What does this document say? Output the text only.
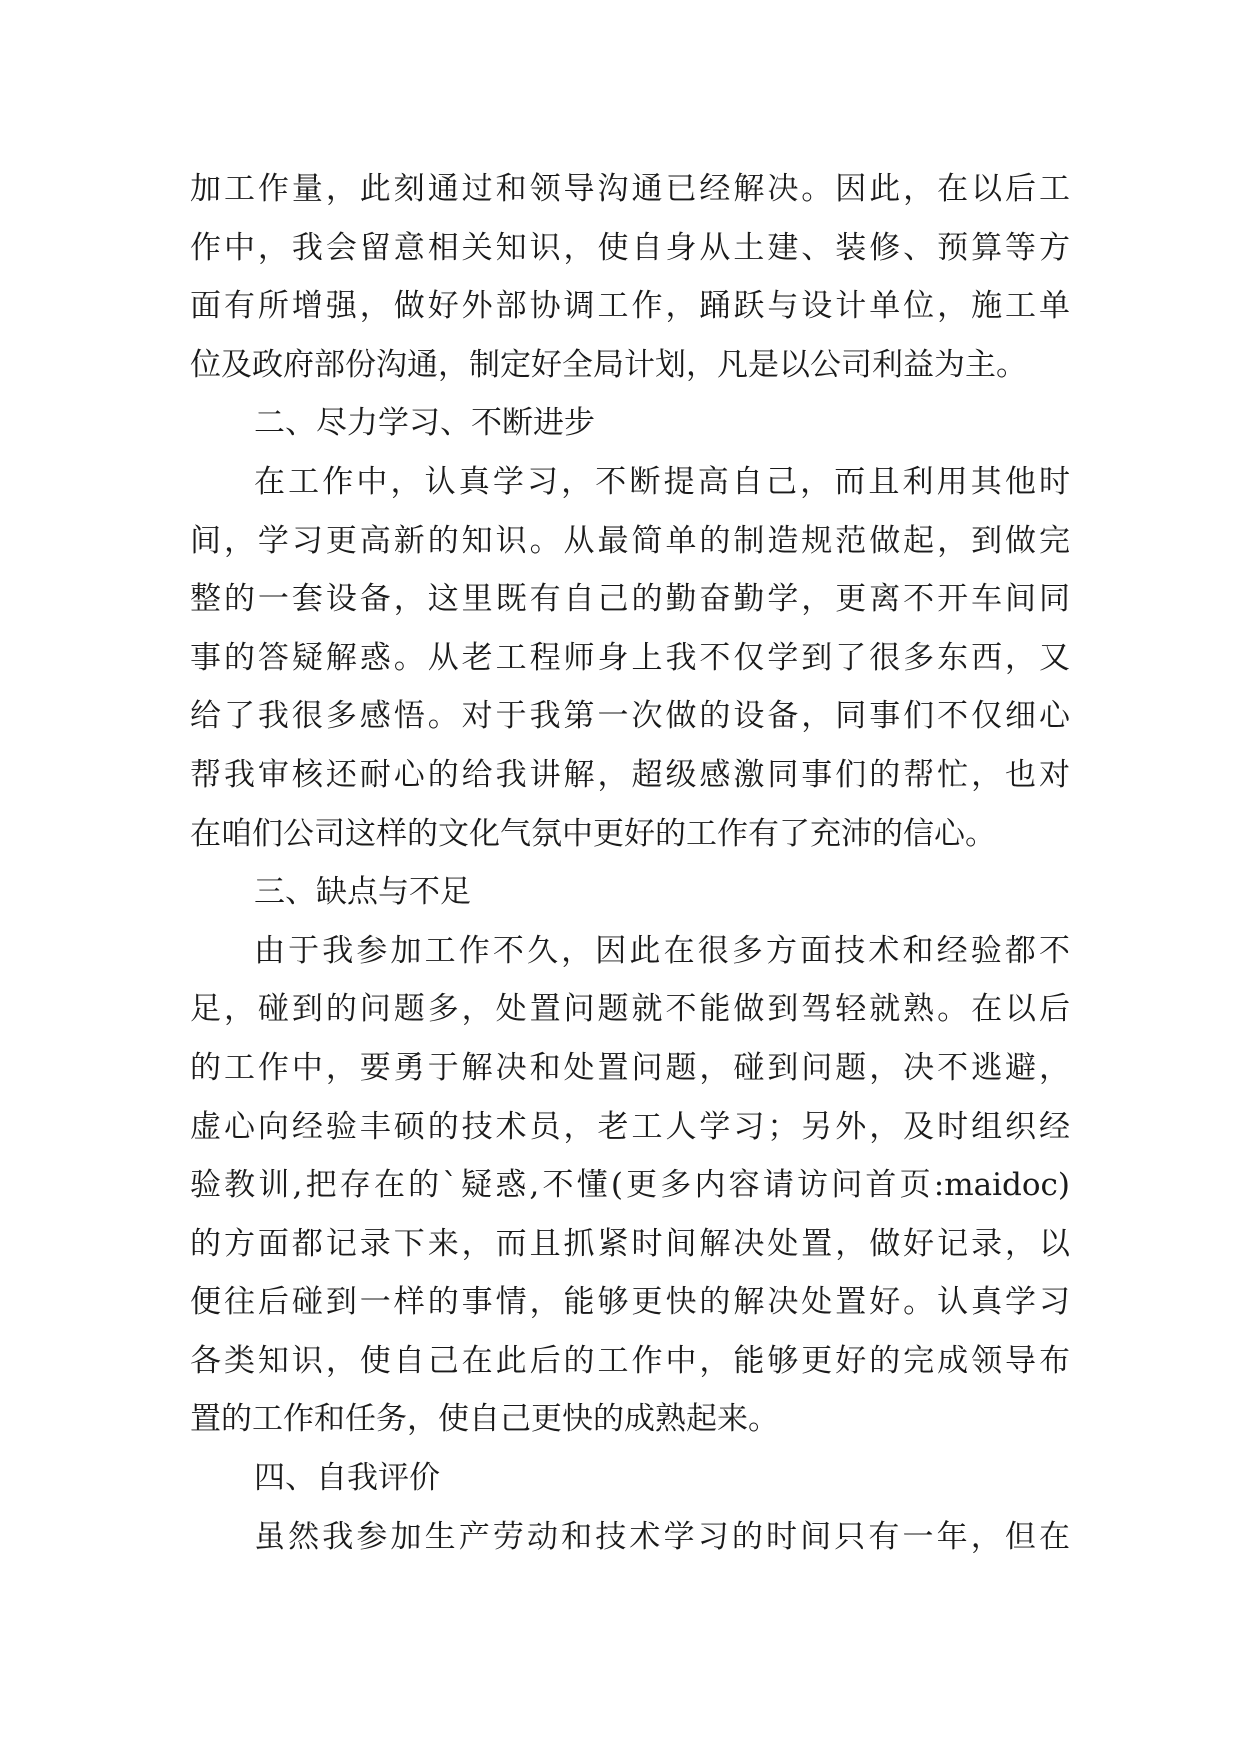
加工作量，此刻通过和领导沟通已经解决。因此，在以后工
作中，我会留意相关知识，使自身从土建、装修、预算等方
面有所增强，做好外部协调工作，踊跃与设计单位，施工单
位及政府部份沟通，制定好全局计划，凡是以公司利益为主。
二、尽力学习、不断进步
在工作中，认真学习，不断提高自己，而且利用其他时
间，学习更高新的知识。从最简单的制造规范做起，到做完
整的一套设备，这里既有自己的勤奋勤学，更离不开车间同
事的答疑解惑。从老工程师身上我不仅学到了很多东西，又
给了我很多感悟。对于我第一次做的设备，同事们不仅细心
帮我审核还耐心的给我讲解，超级感激同事们的帮忙，也对
在咱们公司这样的文化气氛中更好的工作有了充沛的信心。
三、缺点与不足
由于我参加工作不久，因此在很多方面技术和经验都不
足，碰到的问题多，处置问题就不能做到驾轻就熟。在以后
的工作中，要勇于解决和处置问题，碰到问题，决不逃避，
虚心向经验丰硕的技术员，老工人学习；另外，及时组织经
验教训,把存在的`疑惑,不懂(更多内容请访问首页:maidoc)
的方面都记录下来，而且抓紧时间解决处置，做好记录，以
便往后碰到一样的事情，能够更快的解决处置好。认真学习
各类知识，使自己在此后的工作中，能够更好的完成领导布
置的工作和任务，使自己更快的成熟起来。
四、自我评价
虽然我参加生产劳动和技术学习的时间只有一年，但在
